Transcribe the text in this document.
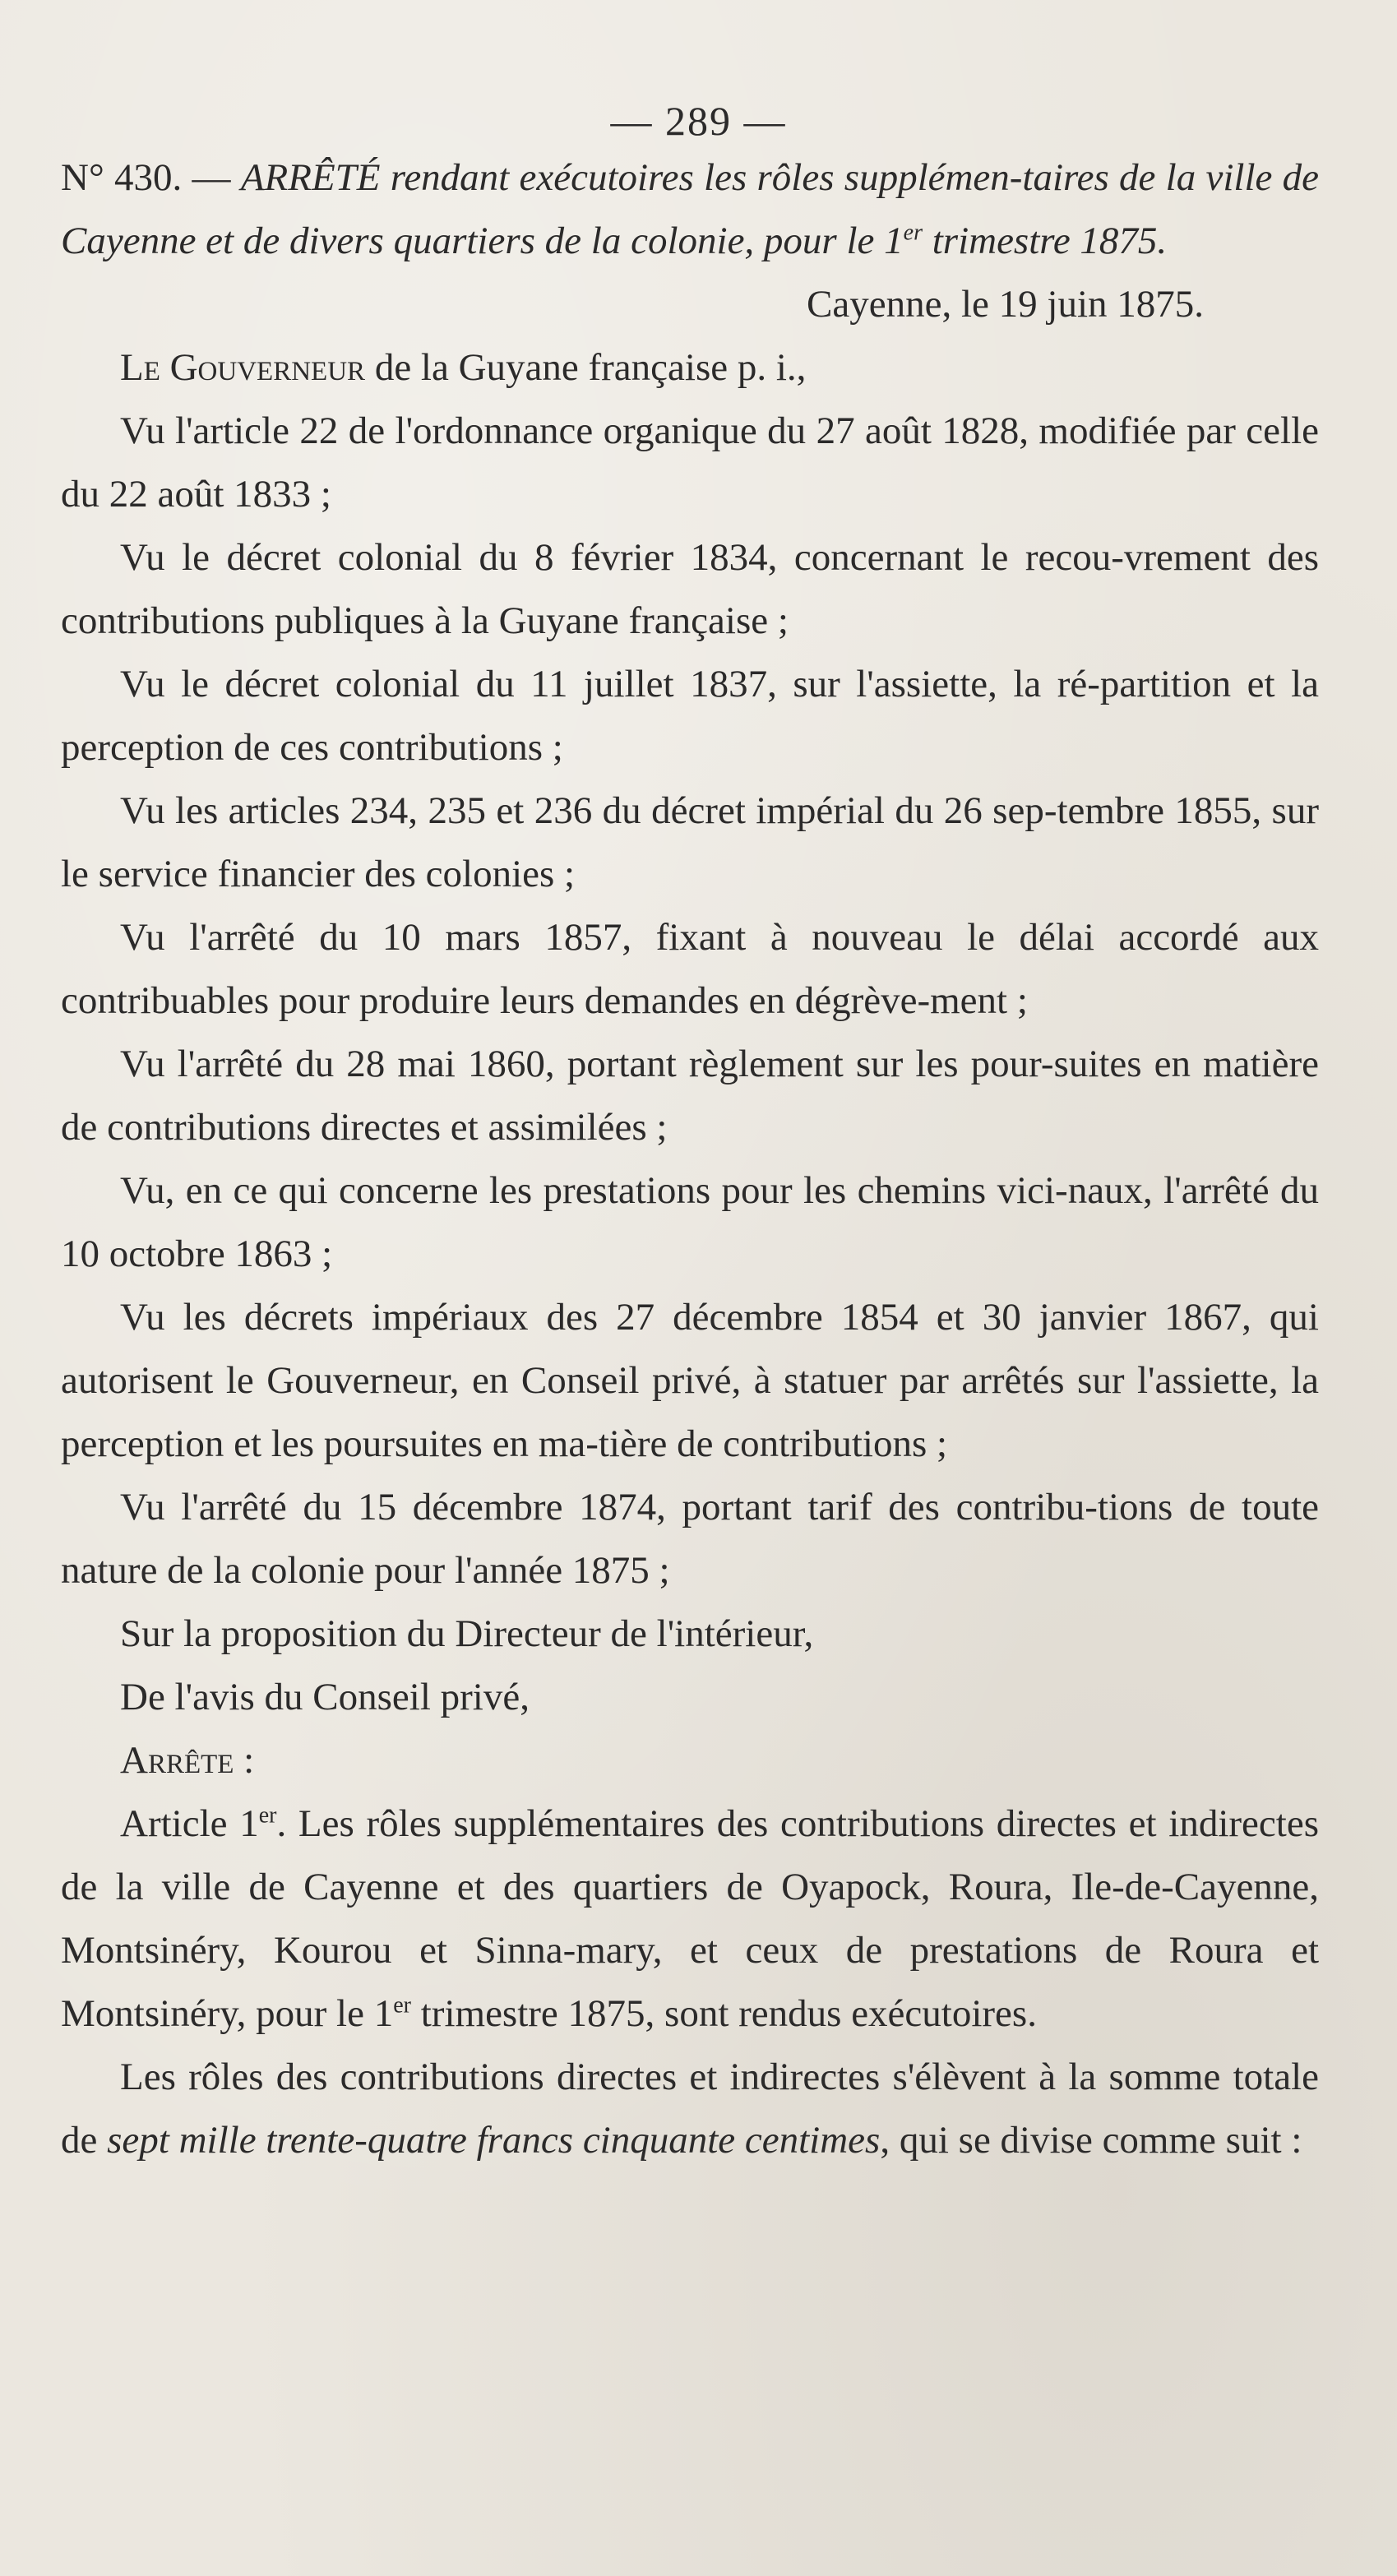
— 289 —

N° 430. — ARRÊTÉ rendant exécutoires les rôles supplémen-taires de la ville de Cayenne et de divers quartiers de la colonie, pour le 1er trimestre 1875.

Cayenne, le 19 juin 1875.

Le Gouverneur de la Guyane française p. i.,

Vu l'article 22 de l'ordonnance organique du 27 août 1828, modifiée par celle du 22 août 1833 ;

Vu le décret colonial du 8 février 1834, concernant le recou-vrement des contributions publiques à la Guyane française ;

Vu le décret colonial du 11 juillet 1837, sur l'assiette, la ré-partition et la perception de ces contributions ;

Vu les articles 234, 235 et 236 du décret impérial du 26 sep-tembre 1855, sur le service financier des colonies ;

Vu l'arrêté du 10 mars 1857, fixant à nouveau le délai accordé aux contribuables pour produire leurs demandes en dégrève-ment ;

Vu l'arrêté du 28 mai 1860, portant règlement sur les pour-suites en matière de contributions directes et assimilées ;

Vu, en ce qui concerne les prestations pour les chemins vici-naux, l'arrêté du 10 octobre 1863 ;

Vu les décrets impériaux des 27 décembre 1854 et 30 janvier 1867, qui autorisent le Gouverneur, en Conseil privé, à statuer par arrêtés sur l'assiette, la perception et les poursuites en ma-tière de contributions ;

Vu l'arrêté du 15 décembre 1874, portant tarif des contribu-tions de toute nature de la colonie pour l'année 1875 ;

Sur la proposition du Directeur de l'intérieur,

De l'avis du Conseil privé,

Arrête :

Article 1er. Les rôles supplémentaires des contributions directes et indirectes de la ville de Cayenne et des quartiers de Oyapock, Roura, Ile-de-Cayenne, Montsinéry, Kourou et Sinna-mary, et ceux de prestations de Roura et Montsinéry, pour le 1er trimestre 1875, sont rendus exécutoires.

Les rôles des contributions directes et indirectes s'élèvent à la somme totale de sept mille trente-quatre francs cinquante centimes, qui se divise comme suit :
